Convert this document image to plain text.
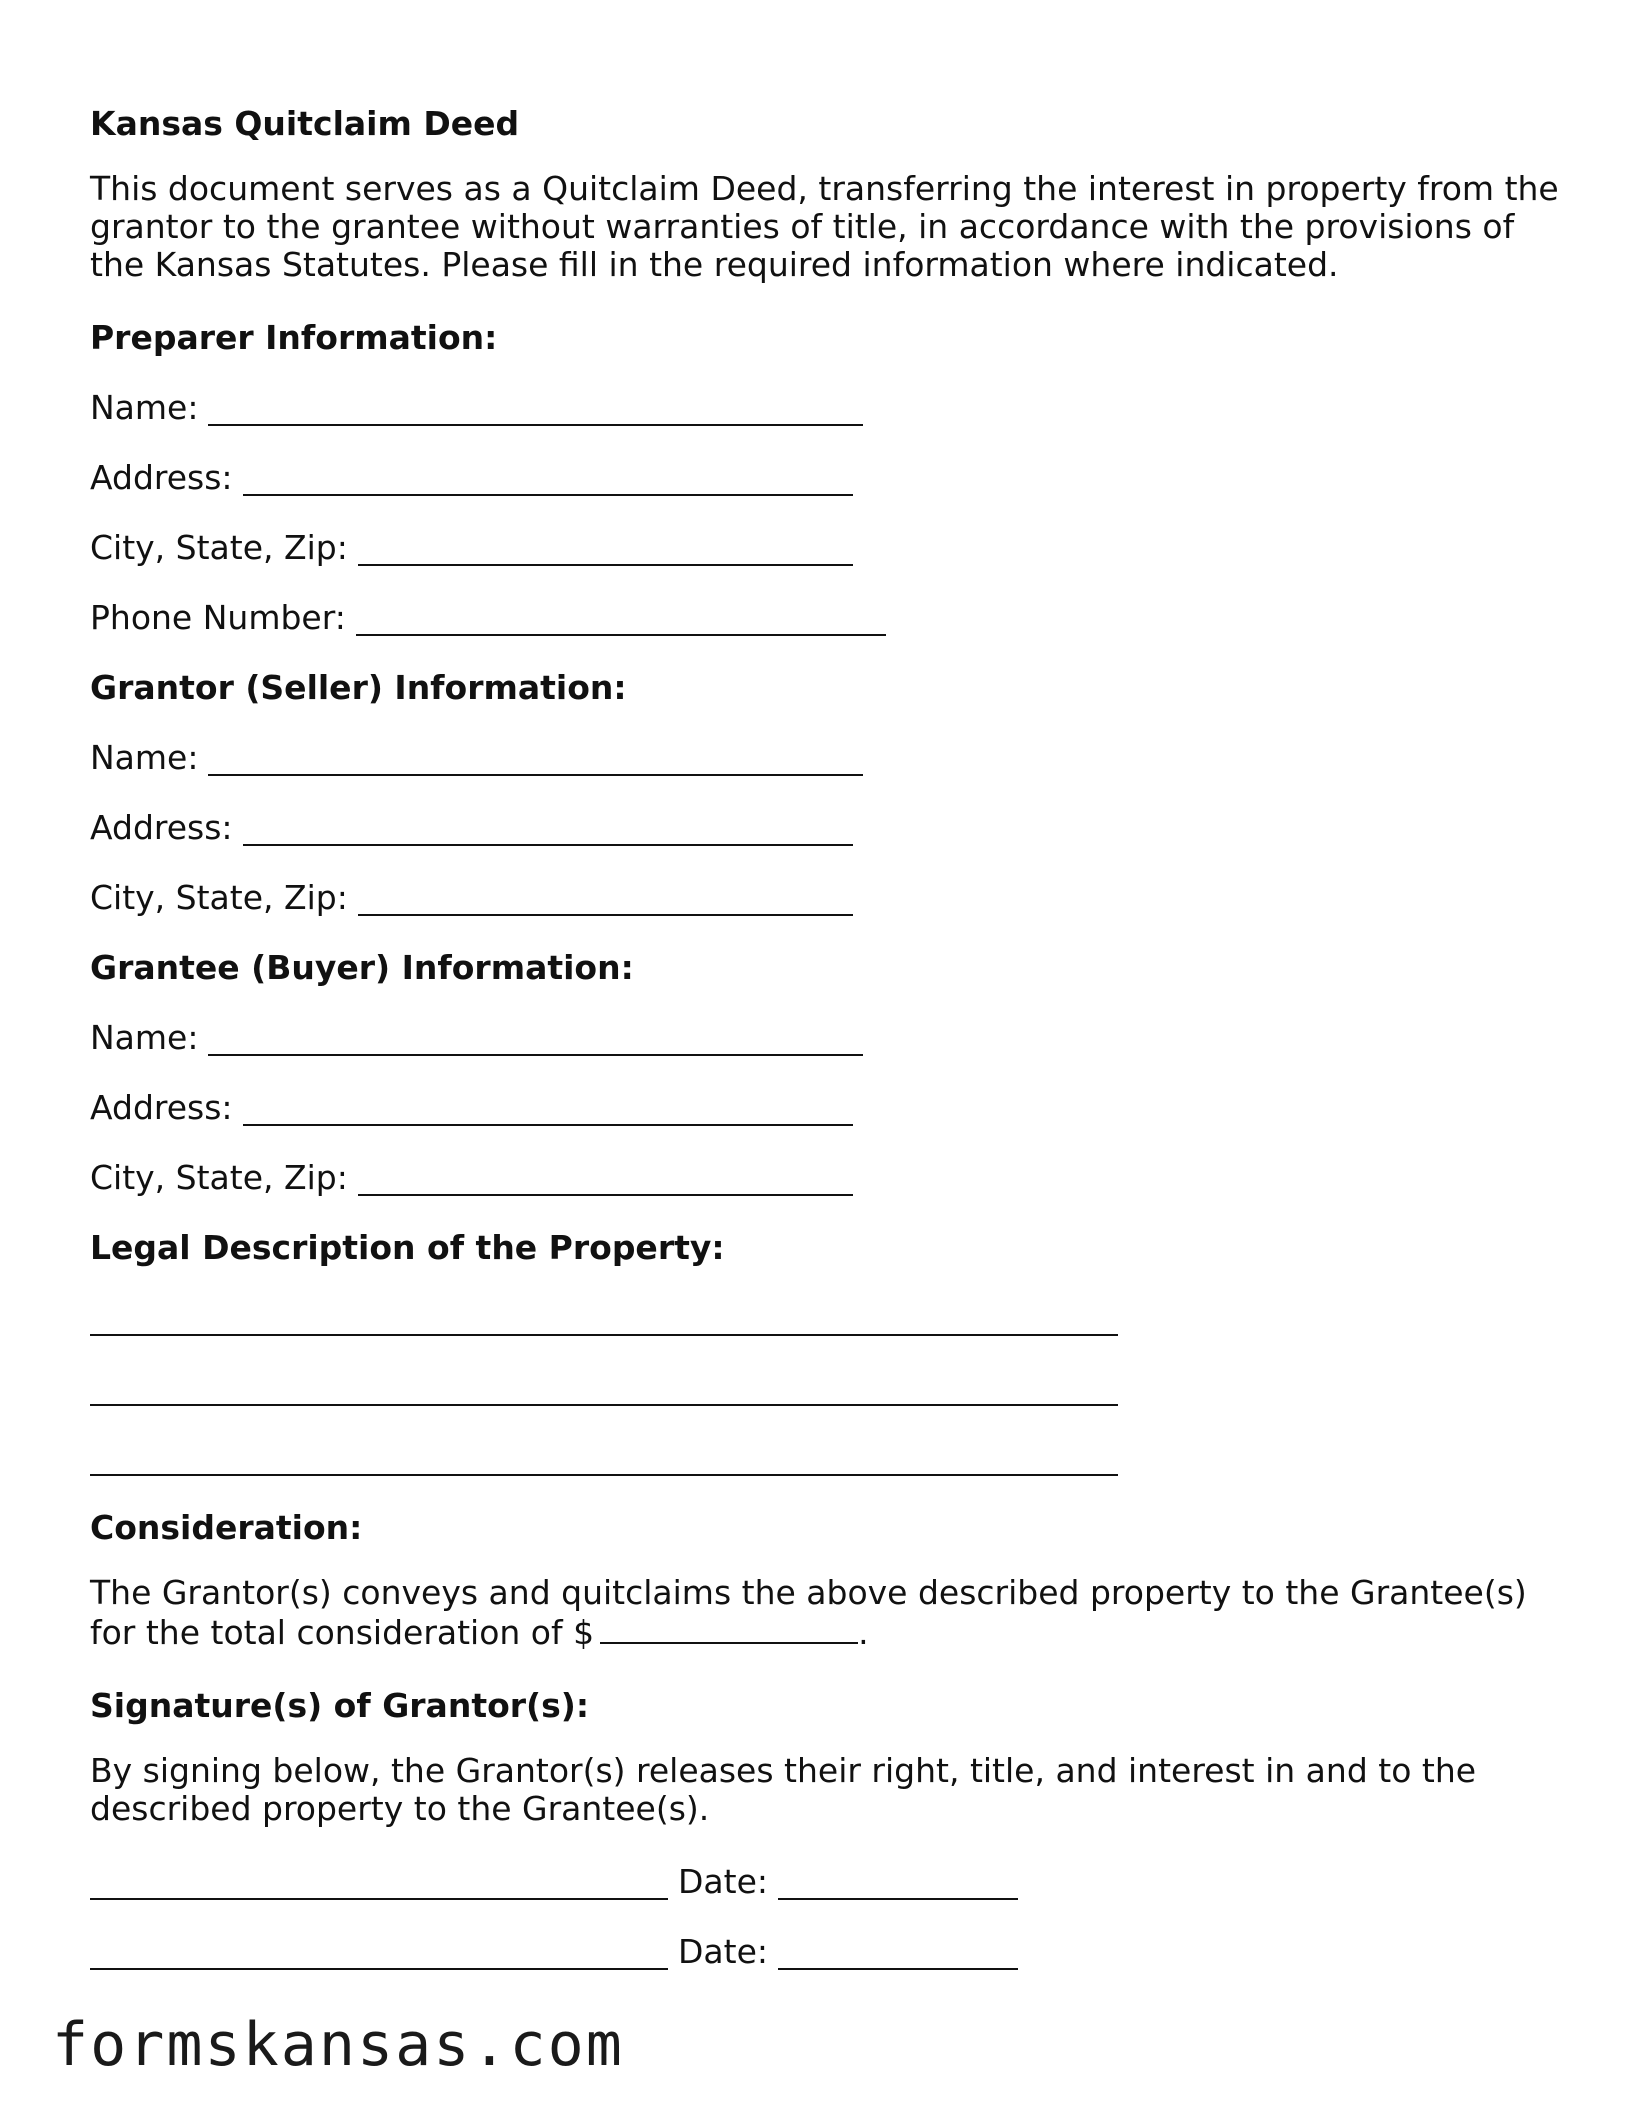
Kansas Quitclaim Deed
This document serves as a Quitclaim Deed, transferring the interest in property from the grantor to the grantee without warranties of title, in accordance with the provisions of the Kansas Statutes. Please fill in the required information where indicated.
Preparer Information:
Name:
Address:
City, State, Zip:
Phone Number:
Grantor (Seller) Information:
Name:
Address:
City, State, Zip:
Grantee (Buyer) Information:
Name:
Address:
City, State, Zip:
Legal Description of the Property:
Consideration:
The Grantor(s) conveys and quitclaims the above described property to the Grantee(s) for the total consideration of $	.
Signature(s) of Grantor(s):
By signing below, the Grantor(s) releases their right, title, and interest in and to the described property to the Grantee(s).
Date:
Date:
formskansas.com
